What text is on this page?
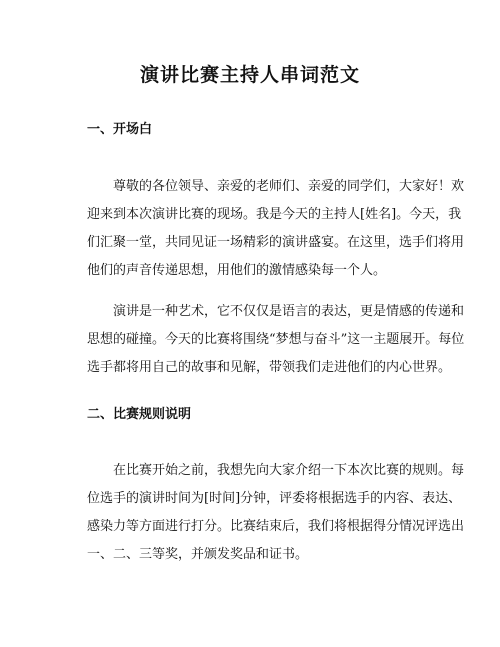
演讲比赛主持人串词范文
一、开场白
尊敬的各位领导、亲爱的老师们、亲爱的同学们，大家好！欢
迎来到本次演讲比赛的现场。我是今天的主持人[姓名]。今天，我
们汇聚一堂，共同见证一场精彩的演讲盛宴。在这里，选手们将用
他们的声音传递思想，用他们的激情感染每一个人。
演讲是一种艺术，它不仅仅是语言的表达，更是情感的传递和
思想的碰撞。今天的比赛将围绕“梦想与奋斗”这一主题展开。每位
选手都将用自己的故事和见解，带领我们走进他们的内心世界。
二、比赛规则说明
在比赛开始之前，我想先向大家介绍一下本次比赛的规则。每
位选手的演讲时间为[时间]分钟，评委将根据选手的内容、表达、
感染力等方面进行打分。比赛结束后，我们将根据得分情况评选出
一、二、三等奖，并颁发奖品和证书。
